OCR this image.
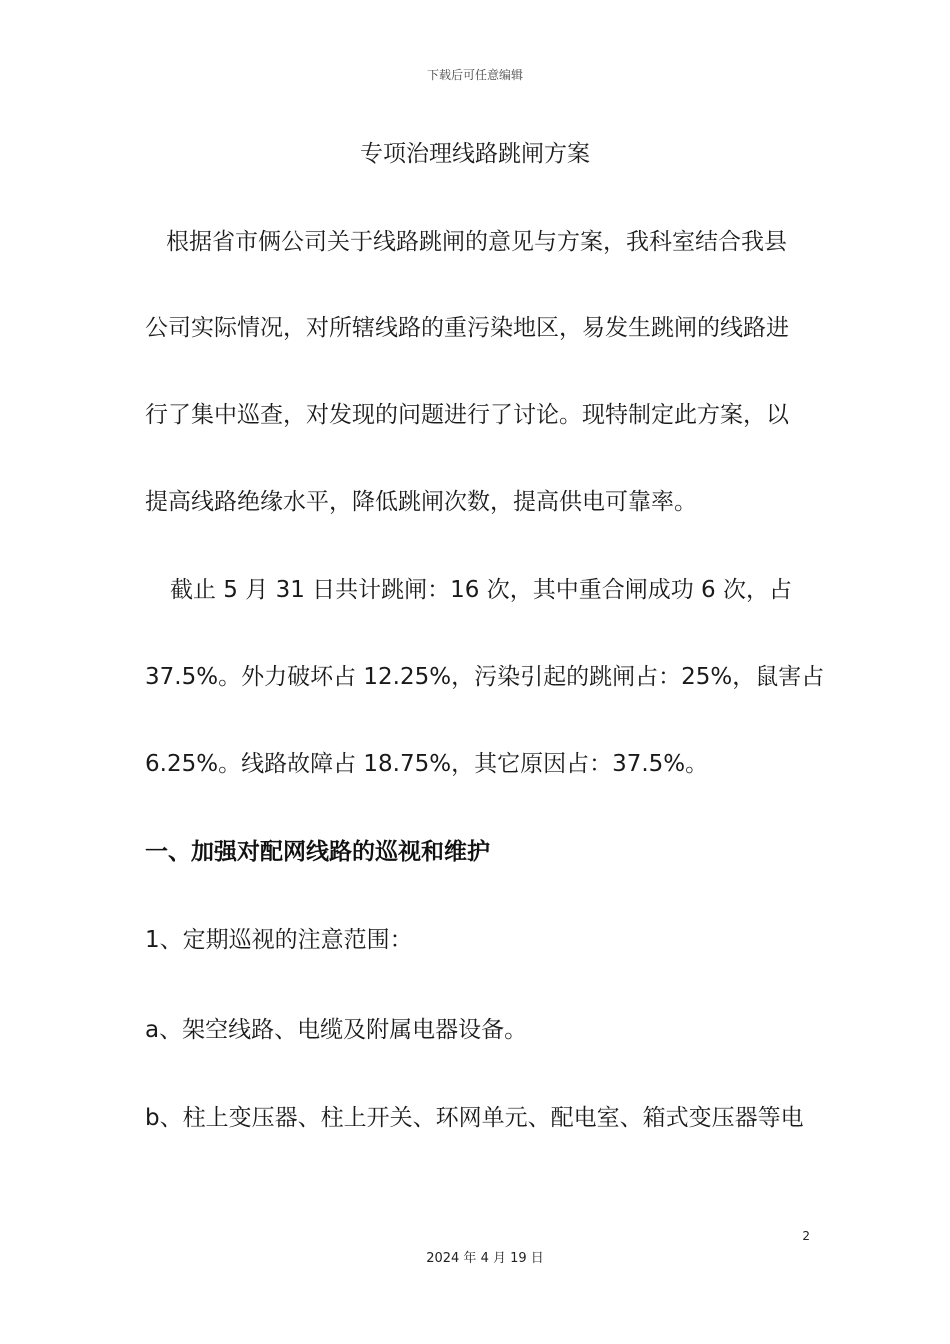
下载后可任意编辑
专项治理线路跳闸方案
根据省市俩公司关于线路跳闸的意见与方案，我科室结合我县
公司实际情况，对所辖线路的重污染地区，易发生跳闸的线路进
行了集中巡查，对发现的问题进行了讨论。现特制定此方案，以
提高线路绝缘水平，降低跳闸次数，提高供电可靠率。
截止 5 月 31 日共计跳闸：16 次，其中重合闸成功 6 次，占
37.5%。外力破坏占 12.25%，污染引起的跳闸占：25%，鼠害占
6.25%。线路故障占 18.75%，其它原因占：37.5%。
一、加强对配网线路的巡视和维护
1、定期巡视的注意范围：
a、架空线路、电缆及附属电器设备。
b、柱上变压器、柱上开关、环网单元、配电室、箱式变压器等电
2
2024 年 4 月 19 日
